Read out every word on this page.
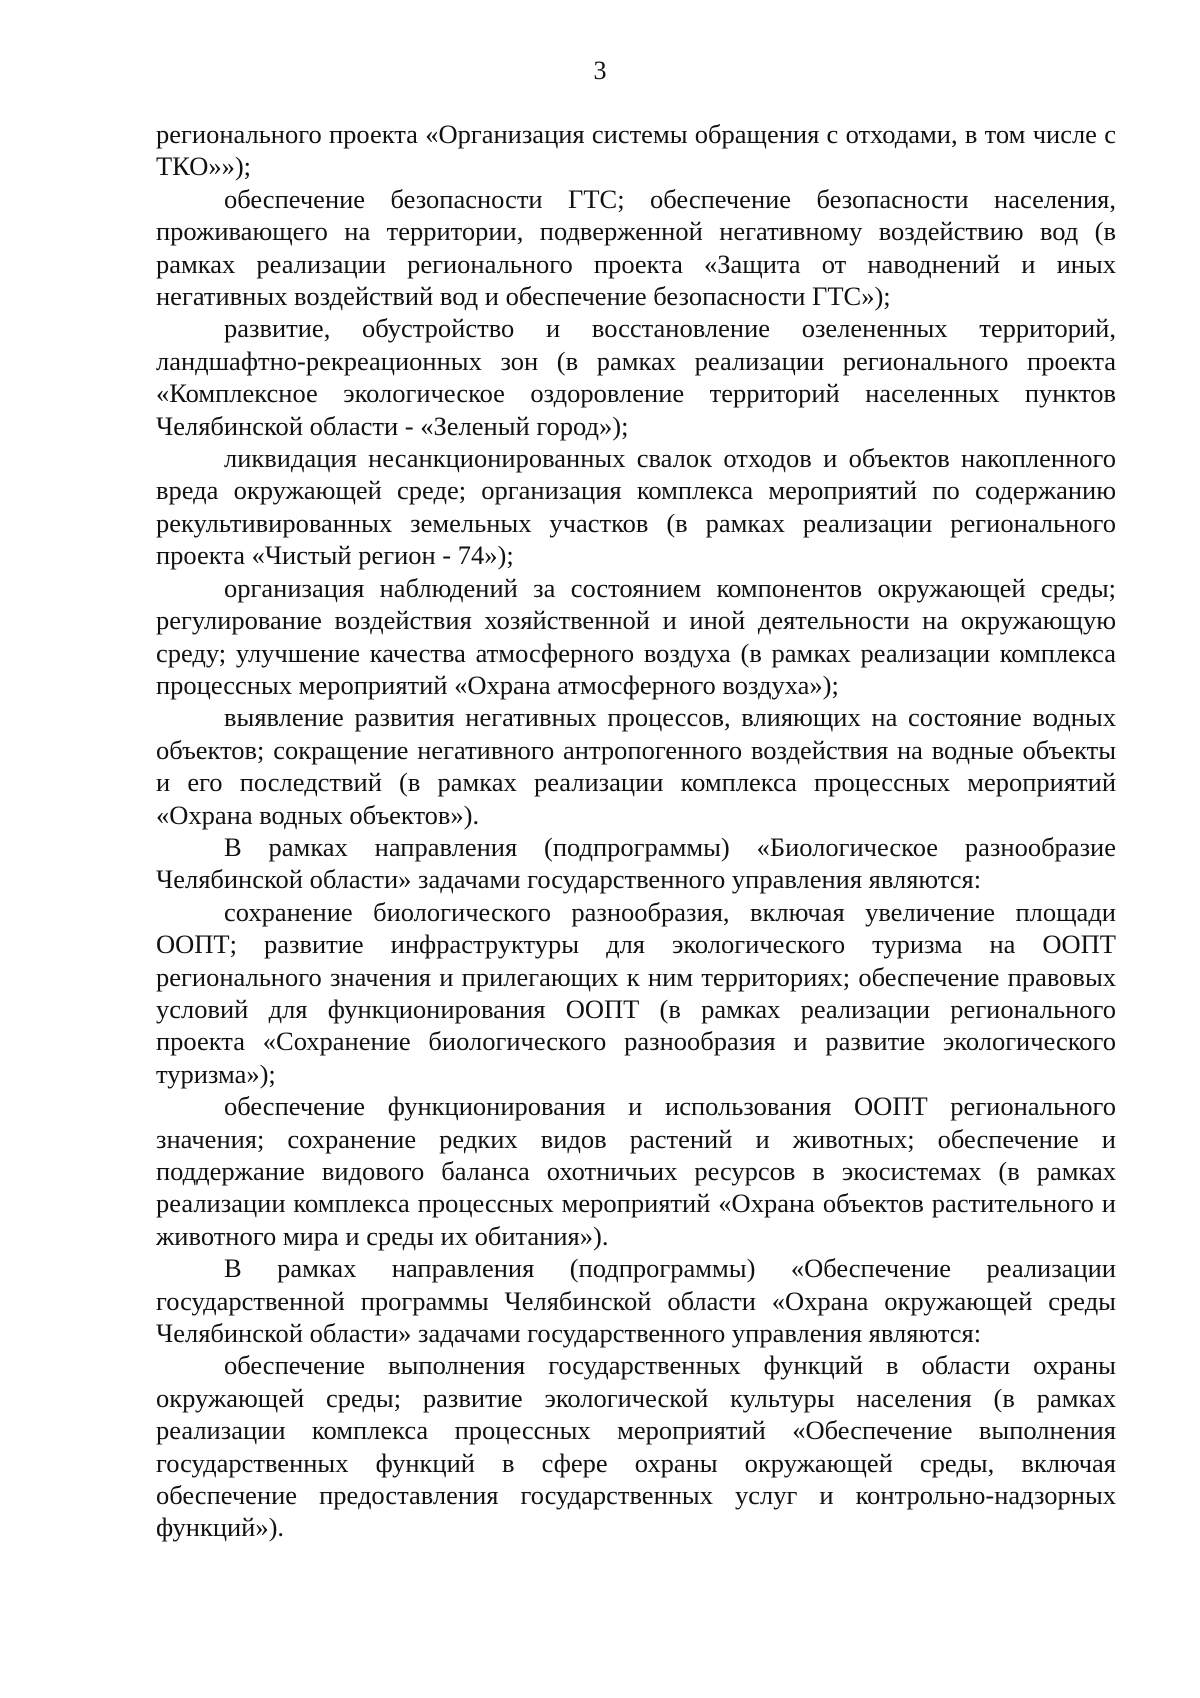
3

регионального проекта «Организация системы обращения с отходами, в том числе с ТКО»»);

обеспечение безопасности ГТС; обеспечение безопасности населения, проживающего на территории, подверженной негативному воздействию вод (в рамках реализации регионального проекта «Защита от наводнений и иных негативных воздействий вод и обеспечение безопасности ГТС»);

развитие, обустройство и восстановление озелененных территорий, ландшафтно-рекреационных зон (в рамках реализации регионального проекта «Комплексное экологическое оздоровление территорий населенных пунктов Челябинской области - «Зеленый город»);

ликвидация несанкционированных свалок отходов и объектов накопленного вреда окружающей среде; организация комплекса мероприятий по содержанию рекультивированных земельных участков (в рамках реализации регионального проекта «Чистый регион - 74»);

организация наблюдений за состоянием компонентов окружающей среды; регулирование воздействия хозяйственной и иной деятельности на окружающую среду; улучшение качества атмосферного воздуха (в рамках реализации комплекса процессных мероприятий «Охрана атмосферного воздуха»);

выявление развития негативных процессов, влияющих на состояние водных объектов; сокращение негативного антропогенного воздействия на водные объекты и его последствий (в рамках реализации комплекса процессных мероприятий «Охрана водных объектов»).

В рамках направления (подпрограммы) «Биологическое разнообразие Челябинской области» задачами государственного управления являются:

сохранение биологического разнообразия, включая увеличение площади ООПТ; развитие инфраструктуры для экологического туризма на ООПТ регионального значения и прилегающих к ним территориях; обеспечение правовых условий для функционирования ООПТ (в рамках реализации регионального проекта «Сохранение биологического разнообразия и развитие экологического туризма»);

обеспечение функционирования и использования ООПТ регионального значения; сохранение редких видов растений и животных; обеспечение и поддержание видового баланса охотничьих ресурсов в экосистемах (в рамках реализации комплекса процессных мероприятий «Охрана объектов растительного и животного мира и среды их обитания»).

В рамках направления (подпрограммы) «Обеспечение реализации государственной программы Челябинской области «Охрана окружающей среды Челябинской области» задачами государственного управления являются:

обеспечение выполнения государственных функций в области охраны окружающей среды; развитие экологической культуры населения (в рамках реализации комплекса процессных мероприятий «Обеспечение выполнения государственных функций в сфере охраны окружающей среды, включая обеспечение предоставления государственных услуг и контрольно-надзорных функций»).
